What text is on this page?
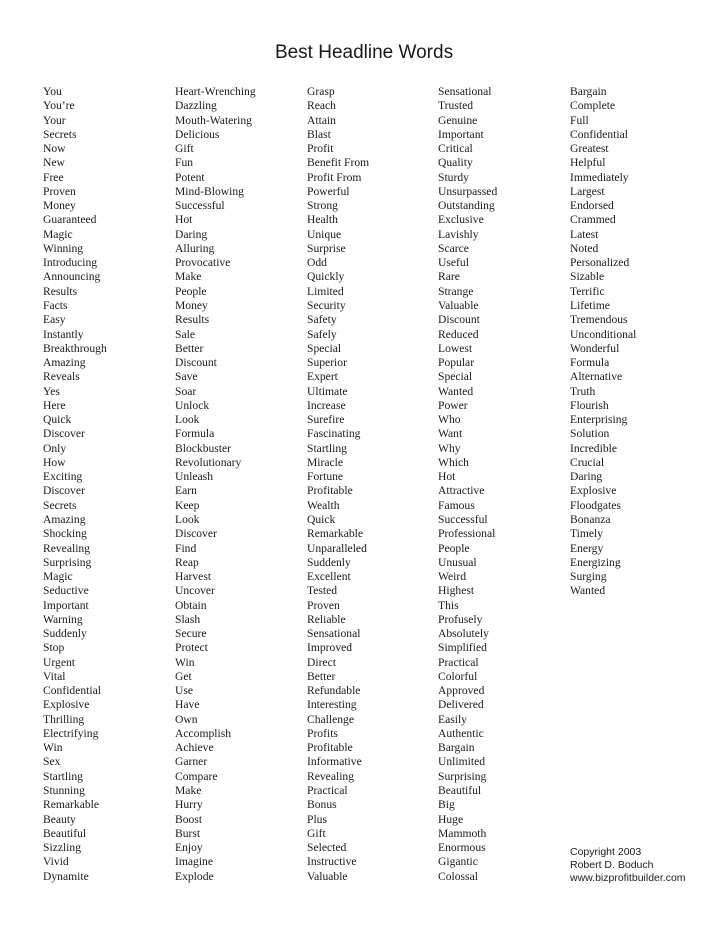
Best Headline Words
You
You’re
Your
Secrets
Now
New
Free
Proven
Money
Guaranteed
Magic
Winning
Introducing
Announcing
Results
Facts
Easy
Instantly
Breakthrough
Amazing
Reveals
Yes
Here
Quick
Discover
Only
How
Exciting
Discover
Secrets
Amazing
Shocking
Revealing
Surprising
Magic
Seductive
Important
Warning
Suddenly
Stop
Urgent
Vital
Confidential
Explosive
Thrilling
Electrifying
Win
Sex
Startling
Stunning
Remarkable
Beauty
Beautiful
Sizzling
Vivid
Dynamite
Heart-Wrenching
Dazzling
Mouth-Watering
Delicious
Gift
Fun
Potent
Mind-Blowing
Successful
Hot
Daring
Alluring
Provocative
Make
People
Money
Results
Sale
Better
Discount
Save
Soar
Unlock
Look
Formula
Blockbuster
Revolutionary
Unleash
Earn
Keep
Look
Discover
Find
Reap
Harvest
Uncover
Obtain
Slash
Secure
Protect
Win
Get
Use
Have
Own
Accomplish
Achieve
Garner
Compare
Make
Hurry
Boost
Burst
Enjoy
Imagine
Explode
Grasp
Reach
Attain
Blast
Profit
Benefit From
Profit From
Powerful
Strong
Health
Unique
Surprise
Odd
Quickly
Limited
Security
Safety
Safely
Special
Superior
Expert
Ultimate
Increase
Surefire
Fascinating
Startling
Miracle
Fortune
Profitable
Wealth
Quick
Remarkable
Unparalleled
Suddenly
Excellent
Tested
Proven
Reliable
Sensational
Improved
Direct
Better
Refundable
Interesting
Challenge
Profits
Profitable
Informative
Revealing
Practical
Bonus
Plus
Gift
Selected
Instructive
Valuable
Sensational
Trusted
Genuine
Important
Critical
Quality
Sturdy
Unsurpassed
Outstanding
Exclusive
Lavishly
Scarce
Useful
Rare
Strange
Valuable
Discount
Reduced
Lowest
Popular
Special
Wanted
Power
Who
Want
Why
Which
Hot
Attractive
Famous
Successful
Professional
People
Unusual
Weird
Highest
This
Profusely
Absolutely
Simplified
Practical
Colorful
Approved
Delivered
Easily
Authentic
Bargain
Unlimited
Surprising
Beautiful
Big
Huge
Mammoth
Enormous
Gigantic
Colossal
Bargain
Complete
Full
Confidential
Greatest
Helpful
Immediately
Largest
Endorsed
Crammed
Latest
Noted
Personalized
Sizable
Terrific
Lifetime
Tremendous
Unconditional
Wonderful
Formula
Alternative
Truth
Flourish
Enterprising
Solution
Incredible
Crucial
Daring
Explosive
Floodgates
Bonanza
Timely
Energy
Energizing
Surging
Wanted
Copyright 2003
Robert D. Boduch
www.bizprofitbuilder.com
